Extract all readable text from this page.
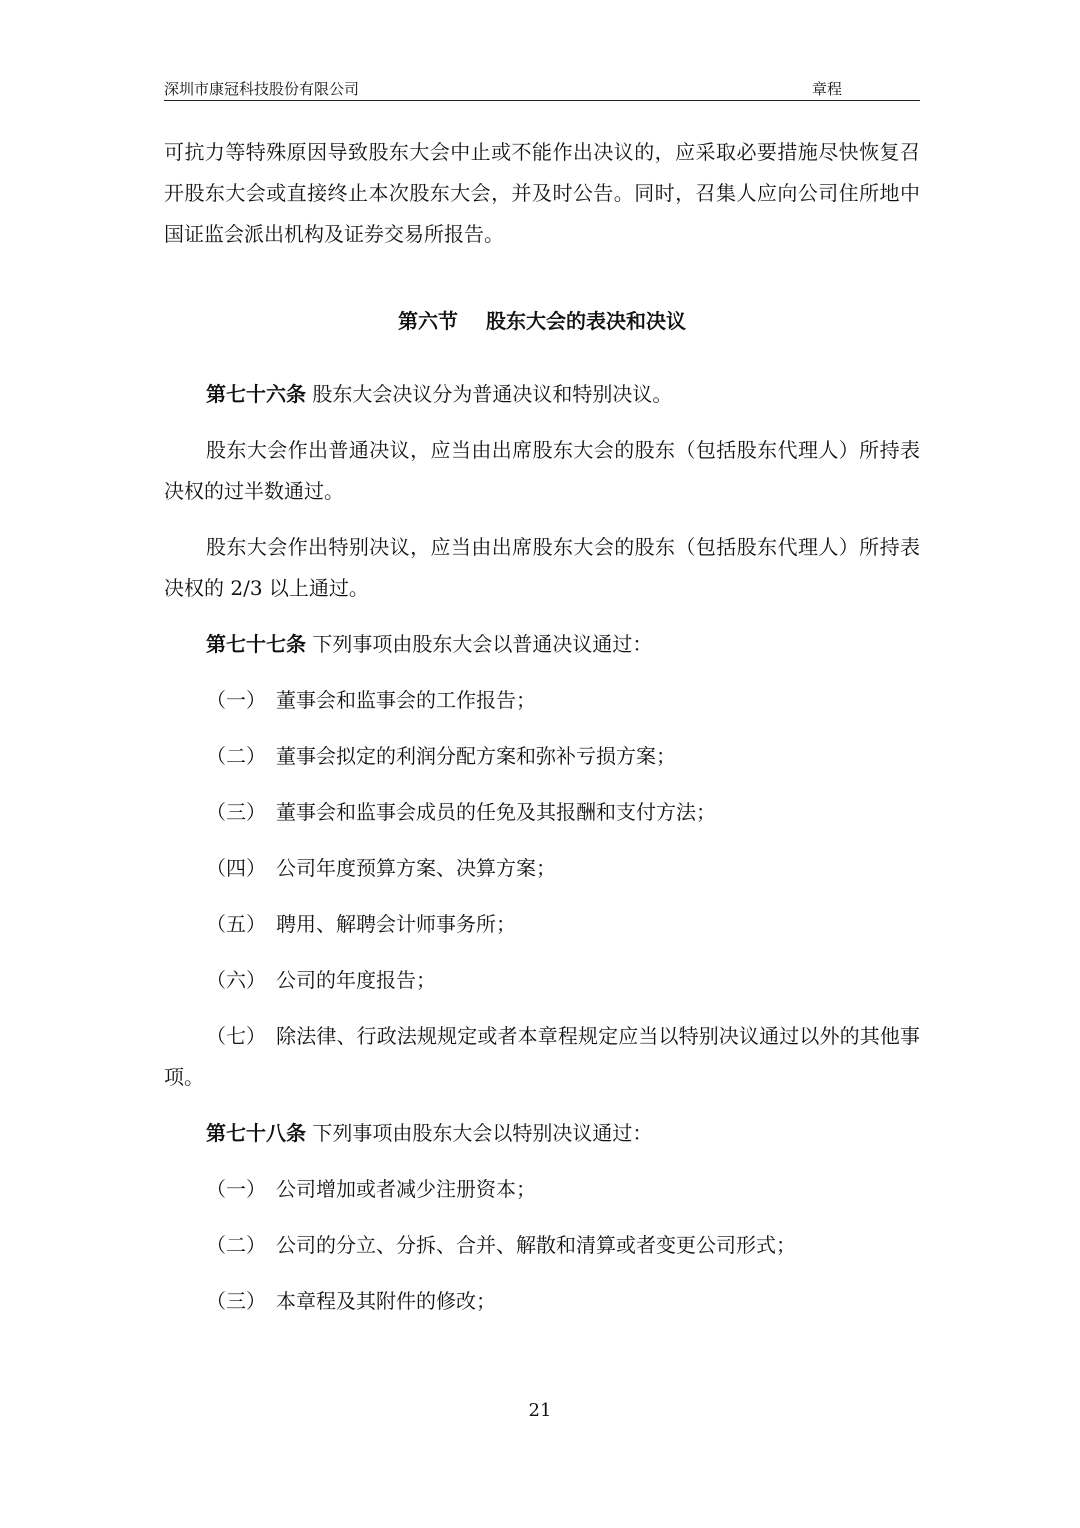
深圳市康冠科技股份有限公司	章程

可抗力等特殊原因导致股东大会中止或不能作出决议的，应采取必要措施尽快恢复召开股东大会或直接终止本次股东大会，并及时公告。同时，召集人应向公司住所地中国证监会派出机构及证券交易所报告。

第六节 股东大会的表决和决议

第七十六条 股东大会决议分为普通决议和特别决议。

股东大会作出普通决议，应当由出席股东大会的股东（包括股东代理人）所持表决权的过半数通过。

股东大会作出特别决议，应当由出席股东大会的股东（包括股东代理人）所持表决权的 2/3 以上通过。

第七十七条 下列事项由股东大会以普通决议通过：

（一） 董事会和监事会的工作报告；

（二） 董事会拟定的利润分配方案和弥补亏损方案；

（三） 董事会和监事会成员的任免及其报酬和支付方法；

（四） 公司年度预算方案、决算方案；

（五） 聘用、解聘会计师事务所；

（六） 公司的年度报告；

（七） 除法律、行政法规规定或者本章程规定应当以特别决议通过以外的其他事项。

第七十八条 下列事项由股东大会以特别决议通过：

（一） 公司增加或者减少注册资本；

（二） 公司的分立、分拆、合并、解散和清算或者变更公司形式；

（三） 本章程及其附件的修改；

21
